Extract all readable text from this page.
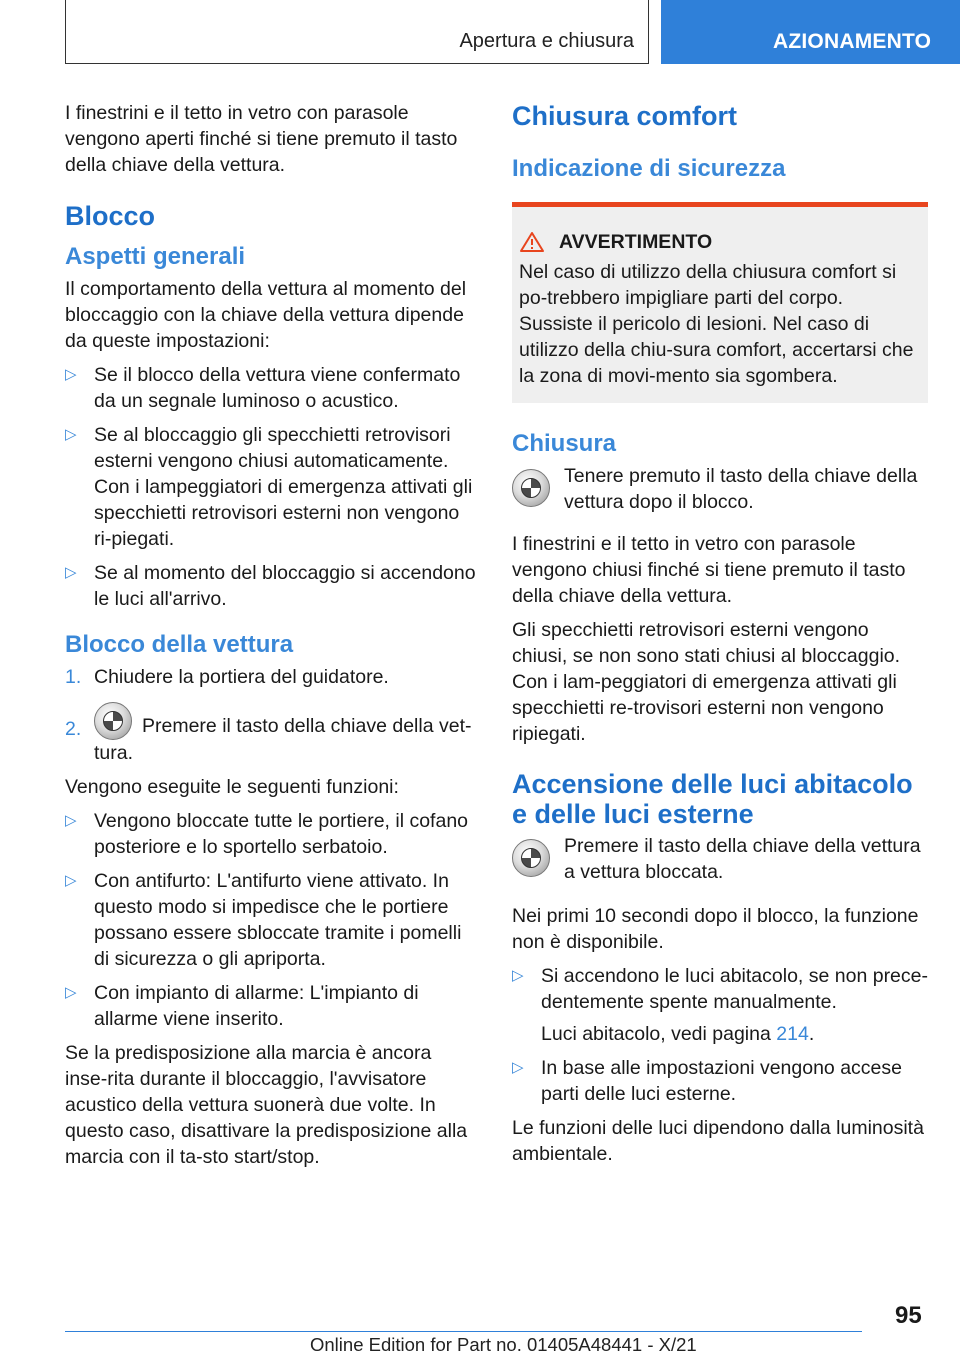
Apertura e chiusura	AZIONAMENTO

I finestrini e il tetto in vetro con parasole vengono aperti finché si tiene premuto il tasto della chiave della vettura.

Blocco
Aspetti generali

Il comportamento della vettura al momento del bloccaggio con la chiave della vettura dipende da queste impostazioni:

▷ Se il blocco della vettura viene confermato da un segnale luminoso o acustico.
▷ Se al bloccaggio gli specchietti retrovisori esterni vengono chiusi automaticamente. Con i lampeggiatori di emergenza attivati gli specchietti retrovisori esterni non vengono ri-piegati.
▷ Se al momento del bloccaggio si accendono le luci all'arrivo.
Blocco della vettura
1. Chiudere la portiera del guidatore.
2.	Premere il tasto della chiave della vet-tura.

Vengono eseguite le seguenti funzioni:

▷ Vengono bloccate tutte le portiere, il cofano posteriore e lo sportello serbatoio.
▷ Con antifurto: L'antifurto viene attivato. In questo modo si impedisce che le portiere possano essere sbloccate tramite i pomelli di sicurezza o gli apriporta.
▷ Con impianto di allarme: L'impianto di allarme viene inserito.

Se la predisposizione alla marcia è ancora inse-rita durante il bloccaggio, l'avvisatore acustico della vettura suonerà due volte. In questo caso, disattivare la predisposizione alla marcia con il ta-sto start/stop.

Chiusura comfort
Indicazione di sicurezza
AVVERTIMENTO
Nel caso di utilizzo della chiusura comfort si po-trebbero impigliare parti del corpo. Sussiste il pericolo di lesioni. Nel caso di utilizzo della chiu-sura comfort, accertarsi che la zona di movi-mento sia sgombera.
Chiusura
Tenere premuto il tasto della chiave della vettura dopo il blocco.

I finestrini e il tetto in vetro con parasole vengono chiusi finché si tiene premuto il tasto della chiave della vettura.

Gli specchietti retrovisori esterni vengono chiusi, se non sono stati chiusi al bloccaggio. Con i lam-peggiatori di emergenza attivati gli specchietti re-trovisori esterni non vengono ripiegati.

Accensione delle luci abitacolo e delle luci esterne
Premere il tasto della chiave della vettura a vettura bloccata.

Nei primi 10 secondi dopo il blocco, la funzione non è disponibile.

▷ Si accendono le luci abitacolo, se non prece-dentemente spente manualmente.
Luci abitacolo, vedi pagina 214.
▷ In base alle impostazioni vengono accese parti delle luci esterne.

Le funzioni delle luci dipendono dalla luminosità ambientale.

95
Online Edition for Part no. 01405A48441 - X/21
